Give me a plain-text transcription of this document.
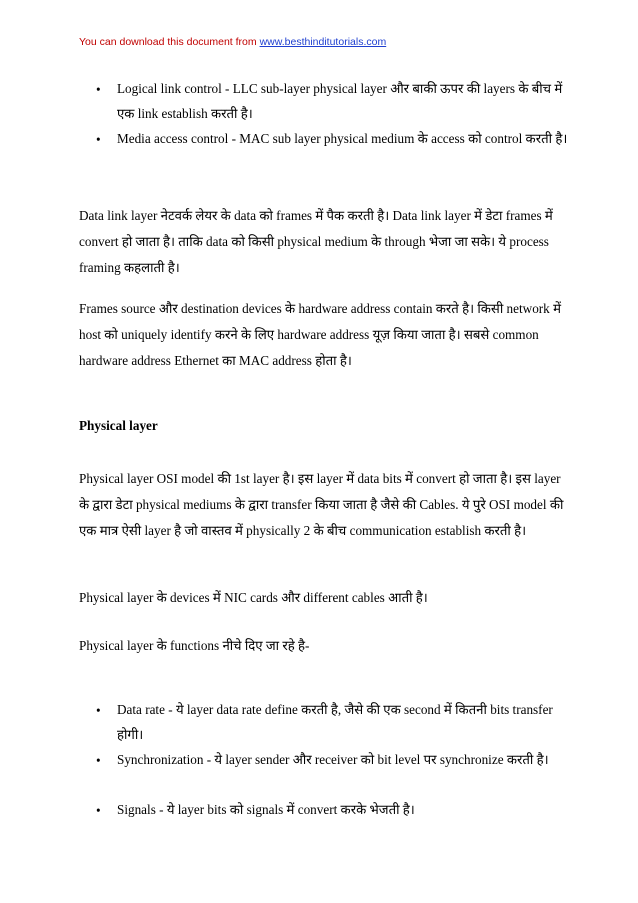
You can download this document from www.besthinditutorials.com
• Logical link control - LLC sub-layer physical layer और बाकी ऊपर की layers के बीच में एक link establish करती है।
• Media access control - MAC sub layer physical medium के access को control करती है।
Data link layer नेटवर्क लेयर के data को frames में पैक करती है। Data link layer में डेटा frames में convert हो जाता है। ताकि data को किसी physical medium के through भेजा जा सके। ये process framing कहलाती है।
Frames source और destination devices के hardware address contain करते है। किसी network में host को uniquely identify करने के लिए hardware address यूज़ किया जाता है। सबसे common hardware address Ethernet का MAC address होता है।
Physical layer
Physical layer OSI model की 1st layer है। इस layer में data bits में convert हो जाता है। इस layer के द्वारा डेटा physical mediums के द्वारा transfer किया जाता है जैसे की Cables. ये पुरे OSI model की एक मात्र ऐसी layer है जो वास्तव में physically 2 के बीच communication establish करती है।
Physical layer के devices में NIC cards और different cables आती है।
Physical layer के functions नीचे दिए जा रहे है-
• Data rate - ये layer data rate define करती है, जैसे की एक second में कितनी bits transfer होगी।
• Synchronization - ये layer sender और receiver को bit level पर synchronize करती है।
• Signals - ये layer bits को signals में convert करके भेजती है।
